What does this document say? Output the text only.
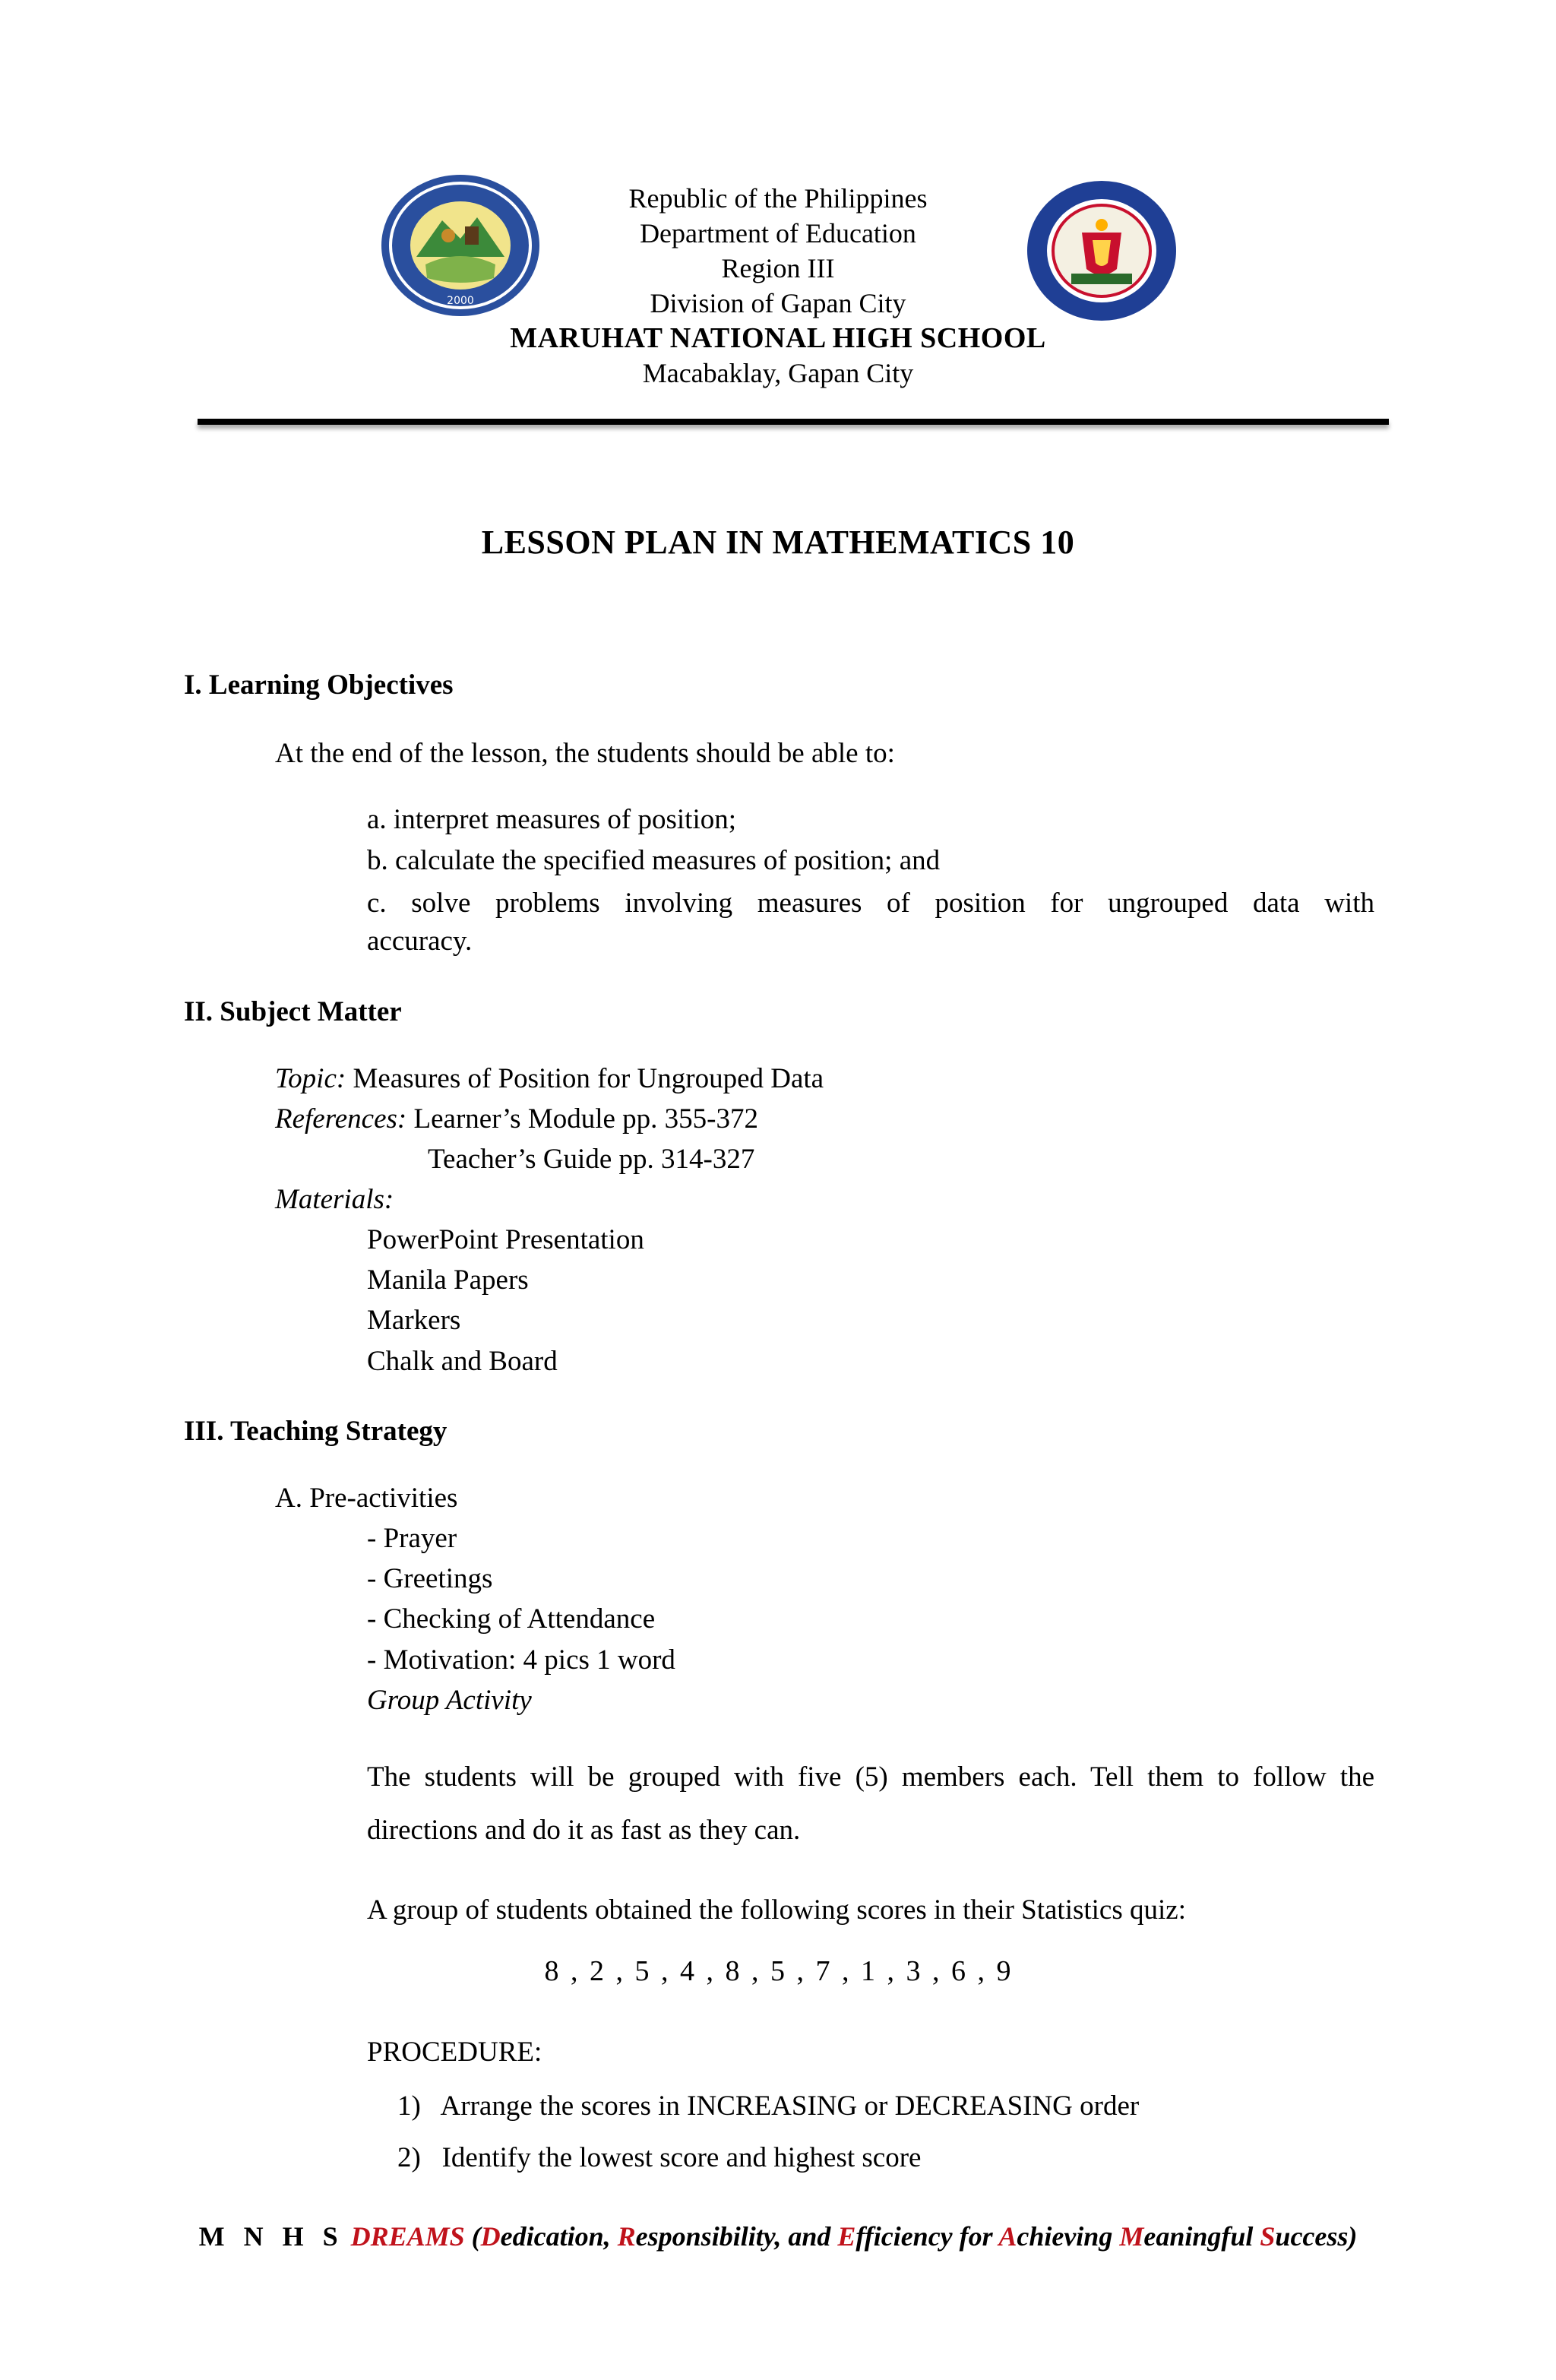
2000
Republic of the Philippines
Department of Education
Region III
Division of Gapan City
MARUHAT NATIONAL HIGH SCHOOL
Macabaklay, Gapan City
LESSON PLAN IN MATHEMATICS 10
I. Learning Objectives
At the end of the lesson, the students should be able to:
a. interpret measures of position;
b. calculate the specified measures of position; and
c. solve problems involving measures of position for ungrouped data with
accuracy.
II. Subject Matter
Topic: Measures of Position for Ungrouped Data
References: Learner’s Module pp. 355-372
Teacher’s Guide pp. 314-327
Materials:
PowerPoint Presentation
Manila Papers
Markers
Chalk and Board
III. Teaching Strategy
A. Pre-activities
- Prayer
- Greetings
- Checking of Attendance
- Motivation: 4 pics 1 word
Group Activity
The students will be grouped with five (5) members each. Tell them to follow the
directions and do it as fast as they can.
A group of students obtained the following scores in their Statistics quiz:
8 , 2 , 5 , 4 , 8 , 5 , 7 , 1 , 3 , 6 , 9
PROCEDURE:
1)   Arrange the scores in INCREASING or DECREASING order
2)   Identify the lowest score and highest score
M N H S DREAMS (Dedication, Responsibility, and Efficiency for Achieving Meaningful Success)
